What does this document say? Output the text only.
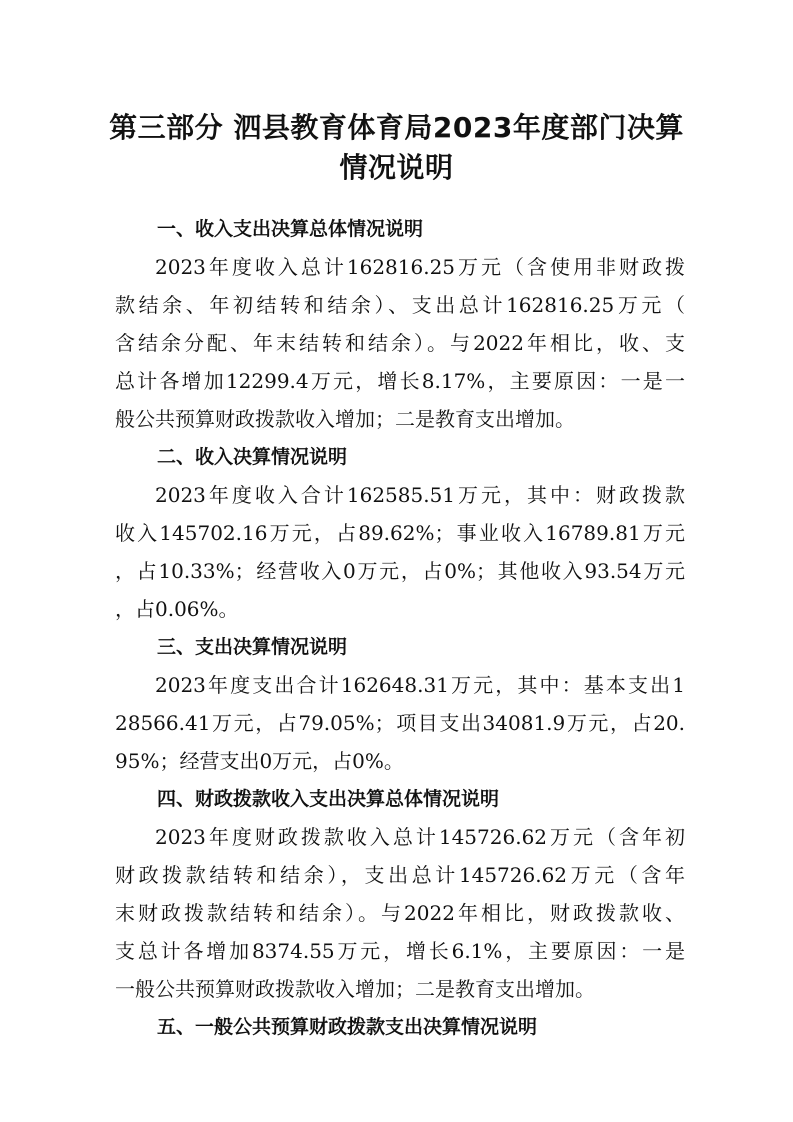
第三部分 泗县教育体育局2023年度部门决算
情况说明

一、收入支出决算总体情况说明

2023年度收入总计162816.25万元（含使用非财政拨
款结余、年初结转和结余）、支出总计162816.25万元（
含结余分配、年末结转和结余）。与2022年相比，收、支
总计各增加12299.4万元，增长8.17%，主要原因：一是一
般公共预算财政拨款收入增加；二是教育支出增加。

二、收入决算情况说明

2023年度收入合计162585.51万元，其中：财政拨款
收入145702.16万元，占89.62%；事业收入16789.81万元
，占10.33%；经营收入0万元，占0%；其他收入93.54万元
，占0.06%。

三、支出决算情况说明

2023年度支出合计162648.31万元，其中：基本支出1
28566.41万元，占79.05%；项目支出34081.9万元，占20.
95%；经营支出0万元，占0%。

四、财政拨款收入支出决算总体情况说明

2023年度财政拨款收入总计145726.62万元（含年初
财政拨款结转和结余），支出总计145726.62万元（含年
末财政拨款结转和结余）。与2022年相比，财政拨款收、
支总计各增加8374.55万元，增长6.1%，主要原因：一是
一般公共预算财政拨款收入增加；二是教育支出增加。

五、一般公共预算财政拨款支出决算情况说明
